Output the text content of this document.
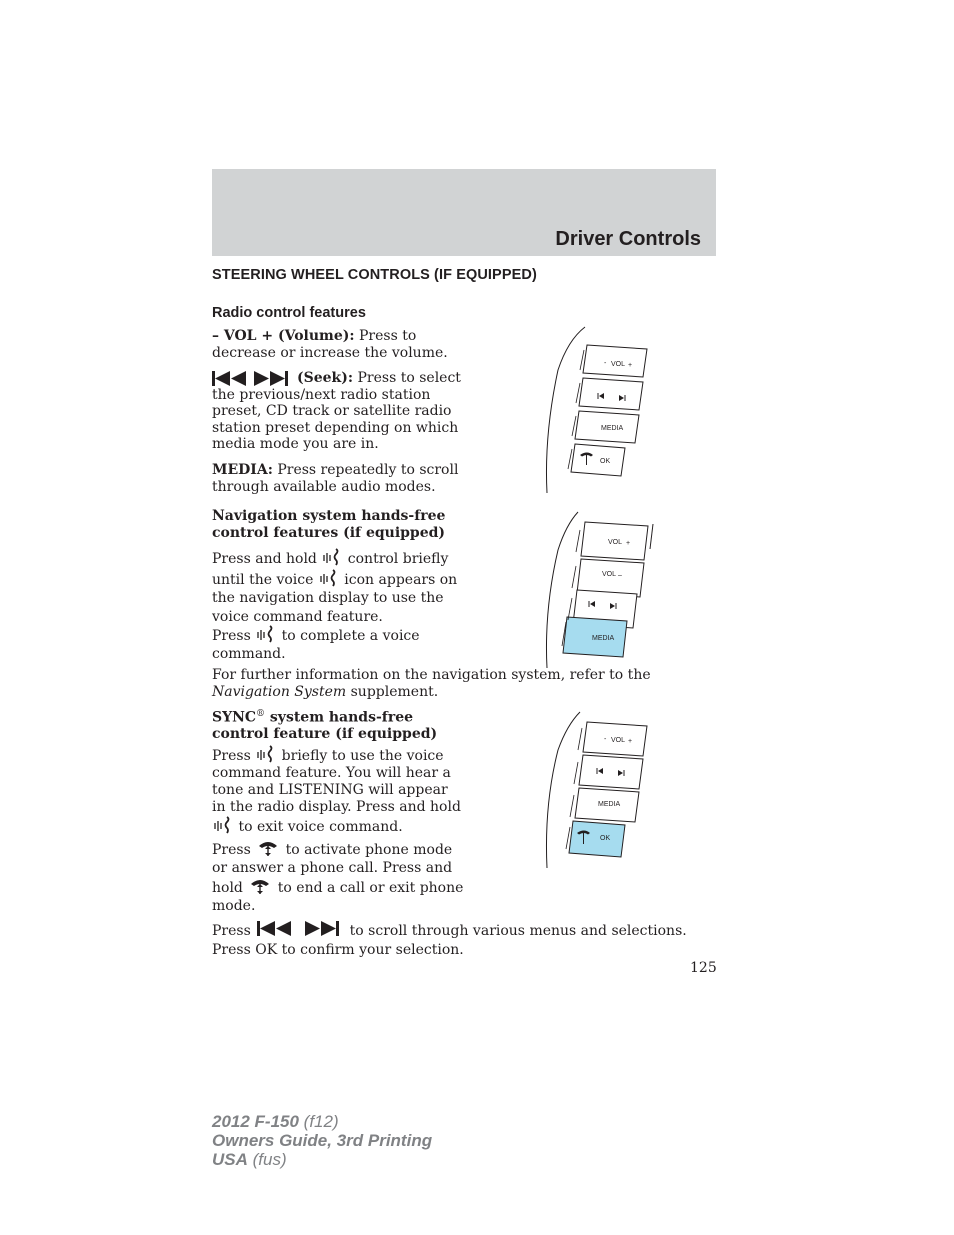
Driver Controls
STEERING WHEEL CONTROLS (IF EQUIPPED)
Radio control features

– VOL + (Volume): Press to decrease or increase the volume.

(Seek): Press to select the previous/next radio station preset, CD track or satellite radio station preset depending on which media mode you are in.

MEDIA: Press repeatedly to scroll through available audio modes.

Navigation system hands-free
control features (if equipped)

Press and hold  control briefly until the voice  icon appears on the navigation display to use the voice command feature.

Press  to complete a voice command.

For further information on the navigation system, refer to the Navigation System supplement.

SYNC® system hands-free
control feature (if equipped)

Press  briefly to use the voice command feature. You will hear a tone and LISTENING will appear in the radio display. Press and hold  to exit voice command.

Press  to activate phone mode or answer a phone call. Press and hold  to end a call or exit phone mode.

Press	to scroll through various menus and selections. Press OK to confirm your selection.

- VOL +
MEDIA
OK
VOL +
VOL –
MEDIA
- VOL +
MEDIA
OK
125
2012 F-150 (f12)
Owners Guide, 3rd Printing
USA (fus)
